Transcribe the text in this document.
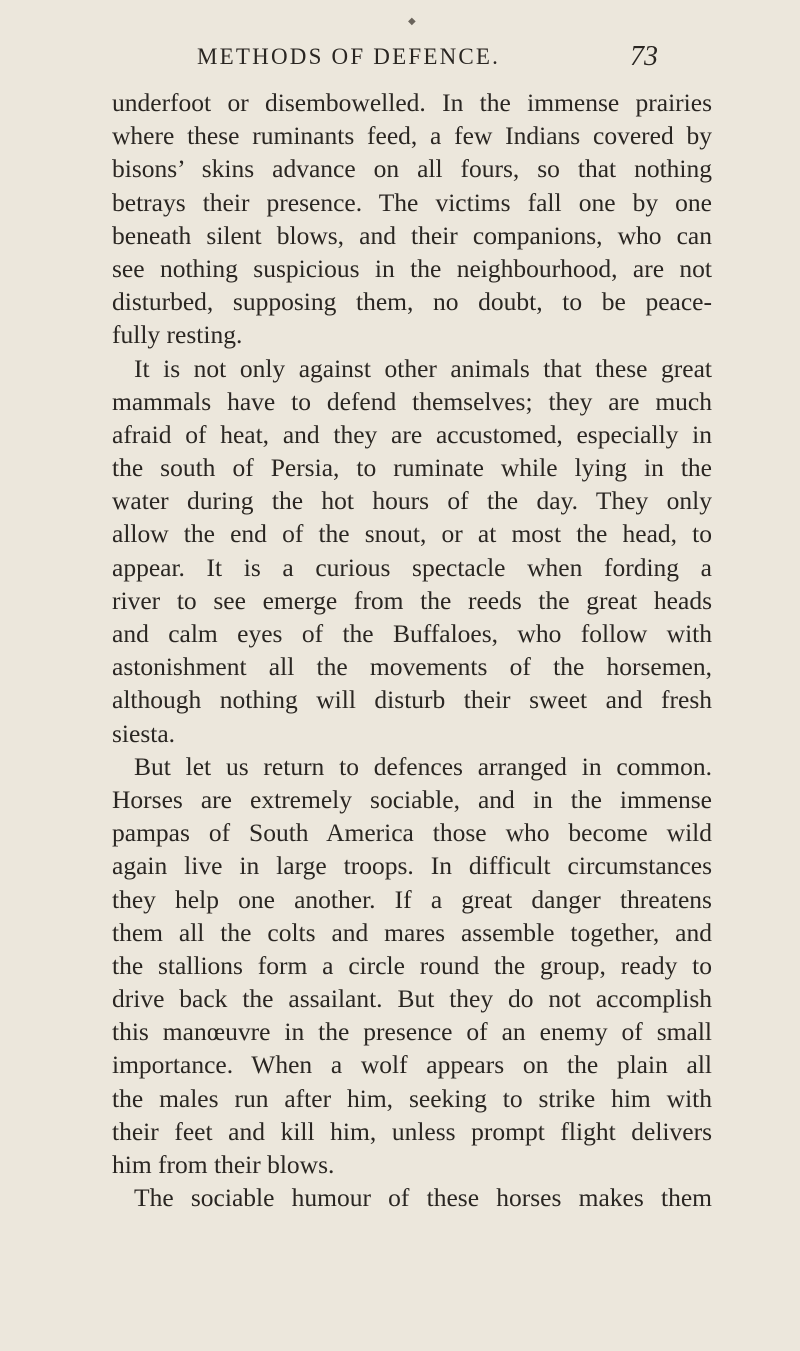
◆
METHODS OF DEFENCE.	73
underfoot or disembowelled. In the immense prairies
where these ruminants feed, a few Indians covered by
bisons’ skins advance on all fours, so that nothing
betrays their presence. The victims fall one by one
beneath silent blows, and their companions, who can
see nothing suspicious in the neighbourhood, are not
disturbed, supposing them, no doubt, to be peace-
fully resting.
It is not only against other animals that these great
mammals have to defend themselves; they are much
afraid of heat, and they are accustomed, especially in
the south of Persia, to ruminate while lying in the
water during the hot hours of the day. They only
allow the end of the snout, or at most the head, to
appear. It is a curious spectacle when fording a
river to see emerge from the reeds the great heads
and calm eyes of the Buffaloes, who follow with
astonishment all the movements of the horsemen,
although nothing will disturb their sweet and fresh
siesta.
But let us return to defences arranged in common.
Horses are extremely sociable, and in the immense
pampas of South America those who become wild
again live in large troops. In difficult circumstances
they help one another. If a great danger threatens
them all the colts and mares assemble together, and
the stallions form a circle round the group, ready to
drive back the assailant. But they do not accomplish
this manœuvre in the presence of an enemy of small
importance. When a wolf appears on the plain all
the males run after him, seeking to strike him with
their feet and kill him, unless prompt flight delivers
him from their blows.
The sociable humour of these horses makes them
